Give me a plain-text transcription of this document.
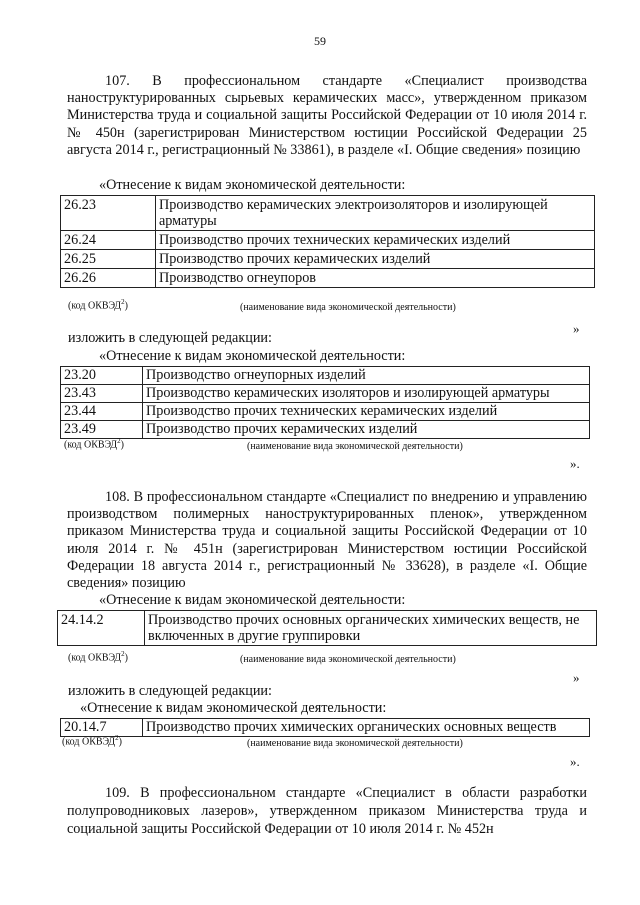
59
107. В профессиональном стандарте «Специалист производства наноструктурированных сырьевых керамических масс», утвержденном приказом Министерства труда и социальной защиты Российской Федерации от 10 июля 2014 г. № 450н (зарегистрирован Министерством юстиции Российской Федерации 25 августа 2014 г., регистрационный № 33861), в разделе «I. Общие сведения» позицию
«Отнесение к видам экономической деятельности:
26.23	Производство керамических электроизоляторов и изолирующей арматуры
26.24	Производство прочих технических керамических изделий
26.25	Производство прочих керамических изделий
26.26	Производство огнеупоров
(код ОКВЭД$^2$)	(наименование вида экономической деятельности)
»
изложить в следующей редакции:
«Отнесение к видам экономической деятельности:
23.20	Производство огнеупорных изделий
23.43	Производство керамических изоляторов и изолирующей арматуры
23.44	Производство прочих технических керамических изделий
23.49	Производство прочих керамических изделий
(код ОКВЭД$^2$)	(наименование вида экономической деятельности)
».
108. В профессиональном стандарте «Специалист по внедрению и управлению производством полимерных наноструктурированных пленок», утвержденном приказом Министерства труда и социальной защиты Российской Федерации от 10 июля 2014 г. № 451н (зарегистрирован Министерством юстиции Российской Федерации 18 августа 2014 г., регистрационный № 33628), в разделе «I. Общие сведения» позицию
«Отнесение к видам экономической деятельности:
24.14.2	Производство прочих основных органических химических веществ, не включенных в другие группировки
(код ОКВЭД$^2$)	(наименование вида экономической деятельности)
»
изложить в следующей редакции:
«Отнесение к видам экономической деятельности:
20.14.7	Производство прочих химических органических основных веществ
(код ОКВЭД$^2$)	(наименование вида экономической деятельности)
».
109. В профессиональном стандарте «Специалист в области разработки полупроводниковых лазеров», утвержденном приказом Министерства труда и социальной защиты Российской Федерации от 10 июля 2014 г. № 452н
